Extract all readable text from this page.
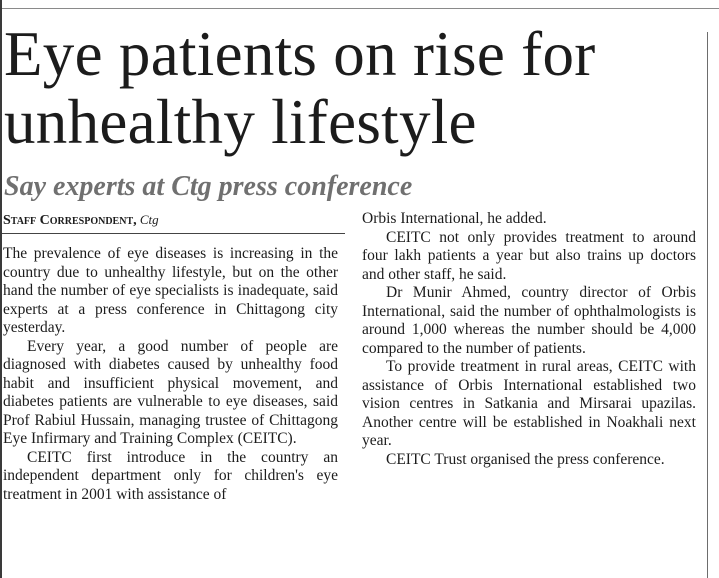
Eye patients on rise for unhealthy lifestyle
Say experts at Ctg press conference
Staff Correspondent, Ctg

The prevalence of eye diseases is increasing in the country due to unhealthy lifestyle, but on the other hand the number of eye specialists is inadequate, said experts at a press conference in Chittagong city yesterday.

Every year, a good number of people are diagnosed with diabetes caused by unhealthy food habit and insufficient physical movement, and diabetes patients are vulnerable to eye diseases, said Prof Rabiul Hussain, managing trustee of Chittagong Eye Infirmary and Training Complex (CEITC).

CEITC first introduce in the country an independent department only for children's eye treatment in 2001 with assistance of

Orbis International, he added.

CEITC not only provides treatment to around four lakh patients a year but also trains up doctors and other staff, he said.

Dr Munir Ahmed, country director of Orbis International, said the number of ophthalmologists is around 1,000 whereas the number should be 4,000 compared to the number of patients.

To provide treatment in rural areas, CEITC with assistance of Orbis International established two vision centres in Satkania and Mirsarai upazilas. Another centre will be established in Noakhali next year.

CEITC Trust organised the press conference.
